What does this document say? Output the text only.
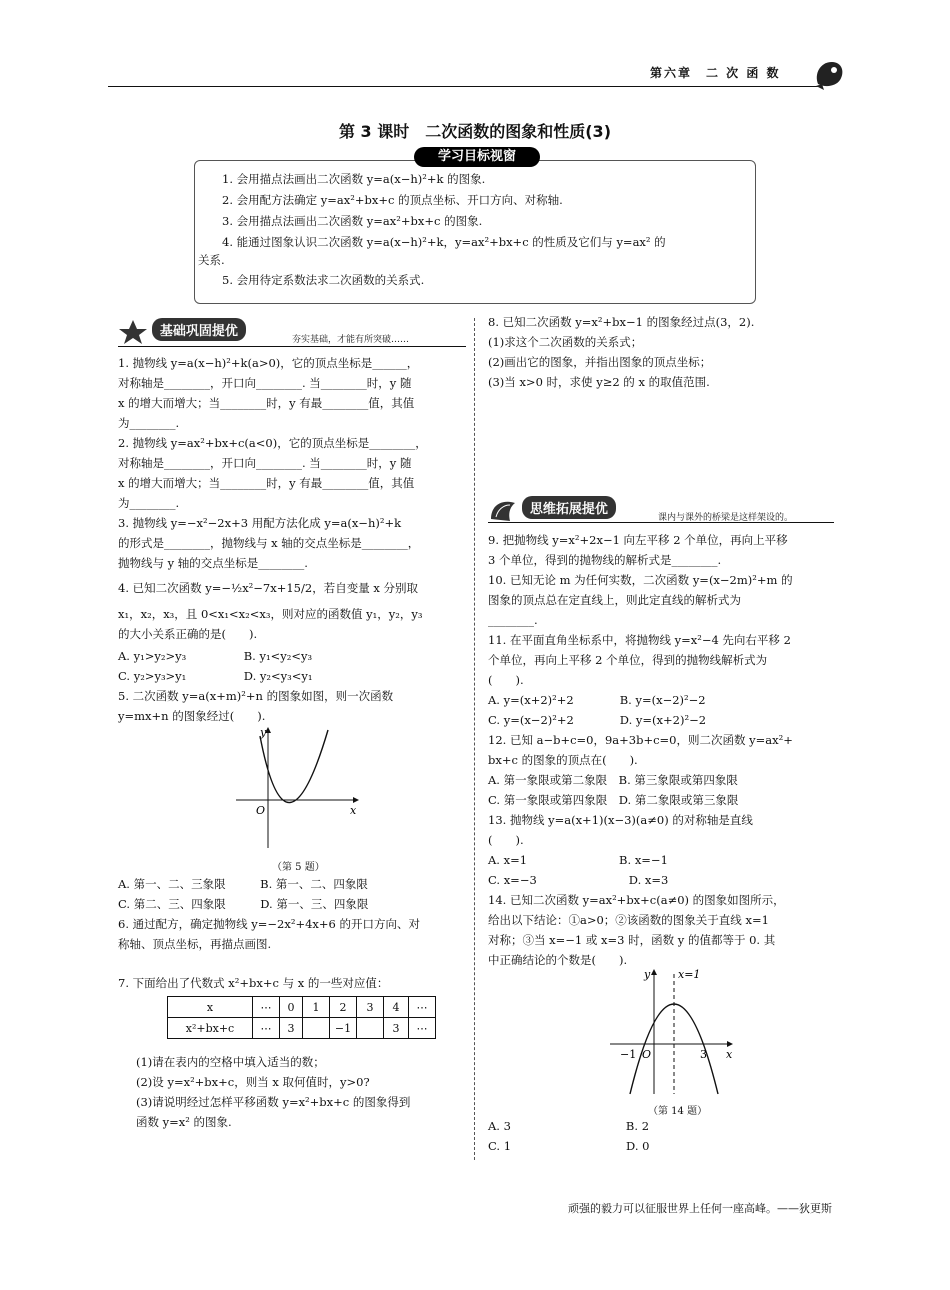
第六章　二 次 函 数
第 3 课时　二次函数的图象和性质(3)
学习目标视窗
1. 会用描点法画出二次函数 y=a(x−h)²+k 的图象.
2. 会用配方法确定 y=ax²+bx+c 的顶点坐标、开口方向、对称轴.
3. 会用描点法画出二次函数 y=ax²+bx+c 的图象.
4. 能通过图象认识二次函数 y=a(x−h)²+k，y=ax²+bx+c 的性质及它们与 y=ax² 的
关系.
5. 会用待定系数法求二次函数的关系式.
基础巩固提优
夯实基础，才能有所突破……
1. 抛物线 y=a(x−h)²+k(a>0)，它的顶点坐标是______，
对称轴是________，开口向________. 当________时，y 随
x 的增大而增大；当________时，y 有最________值，其值
为________.
2. 抛物线 y=ax²+bx+c(a<0)，它的顶点坐标是________，
对称轴是________，开口向________. 当________时，y 随
x 的增大而增大；当________时，y 有最________值，其值
为________.
3. 抛物线 y=−x²−2x+3 用配方法化成 y=a(x−h)²+k
的形式是________，抛物线与 x 轴的交点坐标是________，
抛物线与 y 轴的交点坐标是________.
4. 已知二次函数 y=−½x²−7x+15/2，若自变量 x 分别取
x₁，x₂，x₃，且 0<x₁<x₂<x₃，则对应的函数值 y₁，y₂，y₃
的大小关系正确的是(　　).
A. y₁>y₂>y₃　　　　　B. y₁<y₂<y₃
C. y₂>y₃>y₁　　　　　D. y₂<y₃<y₁
5. 二次函数 y=a(x+m)²+n 的图象如图，则一次函数
y=mx+n 的图象经过(　　).
y
x
O
（第 5 题）
A. 第一、二、三象限　　　B. 第一、二、四象限
C. 第二、三、四象限　　　D. 第一、三、四象限
6. 通过配方，确定抛物线 y=−2x²+4x+6 的开口方向、对
称轴、顶点坐标，再描点画图.
7. 下面给出了代数式 x²+bx+c 与 x 的一些对应值：
x	⋯	0	1	2	3	4	⋯
x²+bx+c	⋯	3		−1		3	⋯
(1)请在表内的空格中填入适当的数；
(2)设 y=x²+bx+c，则当 x 取何值时，y>0?
(3)请说明经过怎样平移函数 y=x²+bx+c 的图象得到
函数 y=x² 的图象.
8. 已知二次函数 y=x²+bx−1 的图象经过点(3，2).
(1)求这个二次函数的关系式；
(2)画出它的图象，并指出图象的顶点坐标；
(3)当 x>0 时，求使 y≥2 的 x 的取值范围.
思维拓展提优
课内与课外的桥梁是这样架设的。
9. 把抛物线 y=x²+2x−1 向左平移 2 个单位，再向上平移
3 个单位，得到的抛物线的解析式是________.
10. 已知无论 m 为任何实数，二次函数 y=(x−2m)²+m 的
图象的顶点总在定直线上，则此定直线的解析式为
________.
11. 在平面直角坐标系中，将抛物线 y=x²−4 先向右平移 2
个单位，再向上平移 2 个单位，得到的抛物线解析式为
(　　).
A. y=(x+2)²+2　　　　B. y=(x−2)²−2
C. y=(x−2)²+2　　　　D. y=(x+2)²−2
12. 已知 a−b+c=0，9a+3b+c=0，则二次函数 y=ax²+
bx+c 的图象的顶点在(　　).
A. 第一象限或第二象限　B. 第三象限或第四象限
C. 第一象限或第四象限　D. 第二象限或第三象限
13. 抛物线 y=a(x+1)(x−3)(a≠0) 的对称轴是直线
(　　).
A. x=1　　　　　　　　B. x=−1
C. x=−3　　　　　　　　D. x=3
14. 已知二次函数 y=ax²+bx+c(a≠0) 的图象如图所示，
给出以下结论：①a>0；②该函数的图象关于直线 x=1
对称；③当 x=−1 或 x=3 时，函数 y 的值都等于 0. 其
中正确结论的个数是(　　).
y	x=1
x
O
−1	3
（第 14 题）
A. 3　　　　　　　　　　B. 2
C. 1　　　　　　　　　　D. 0
顽强的毅力可以征服世界上任何一座高峰。——狄更斯
